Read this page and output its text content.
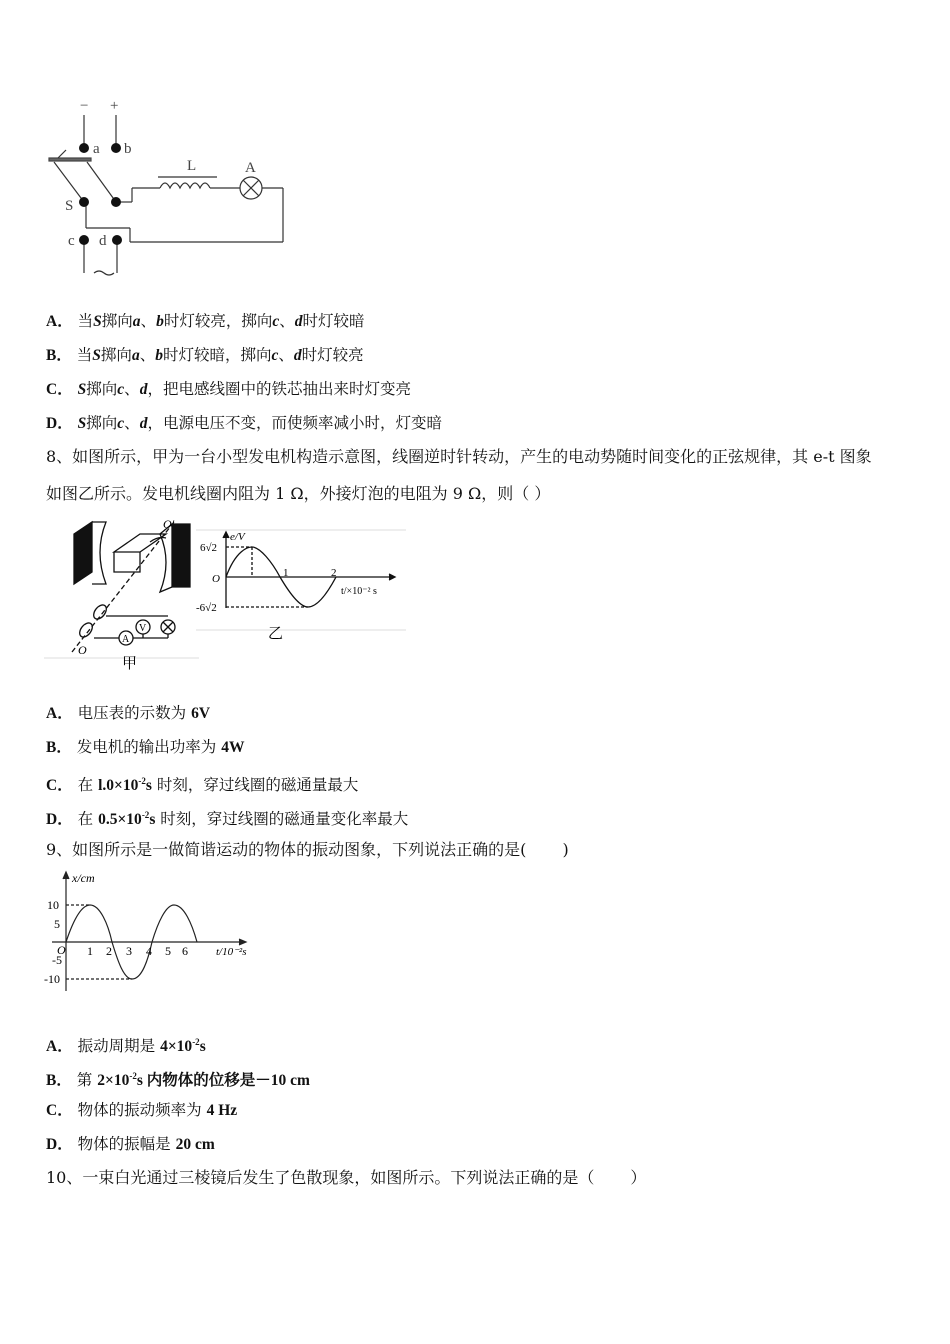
− +
a b
S
c d
L	A
A． 当S掷向a、b时灯较亮，掷向c、d时灯较暗
B． 当S掷向a、b时灯较暗，掷向c、d时灯较亮
C． S掷向c、d，把电感线圈中的铁芯抽出来时灯变亮
D． S掷向c、d，电源电压不变，而使频率减小时，灯变暗
8、如图所示，甲为一台小型发电机构造示意图，线圈逆时针转动，产生的电动势随时间变化的正弦规律，其 e-t 图象
如图乙所示。发电机线圈内阻为 1 Ω，外接灯泡的电阻为 9 Ω，则（ ）
O'
O
A
V
甲
e/V
6√2
O
-6√2
1	2
t/×10⁻² s
乙
A． 电压表的示数为 6V
B． 发电机的输出功率为 4W
C． 在 $l.0\times 10^{-2}s$ 时刻，穿过线圈的磁通量最大
D． 在 $0.5\times 10^{-2}s$ 时刻，穿过线圈的磁通量变化率最大
9、如图所示是一做简谐运动的物体的振动图象，下列说法正确的是( )
x/cm
10
5
-5
-10
O 1 2 3 4 5 6	t/10⁻²s
A． 振动周期是 $4\times 10^{-2}s$
B． 第 $2\times 10^{-2}s$ 内物体的位移是－10 cm
C． 物体的振动频率为 4 Hz
D． 物体的振幅是 20 cm
10、一束白光通过三棱镜后发生了色散现象，如图所示。下列说法正确的是（ ）
